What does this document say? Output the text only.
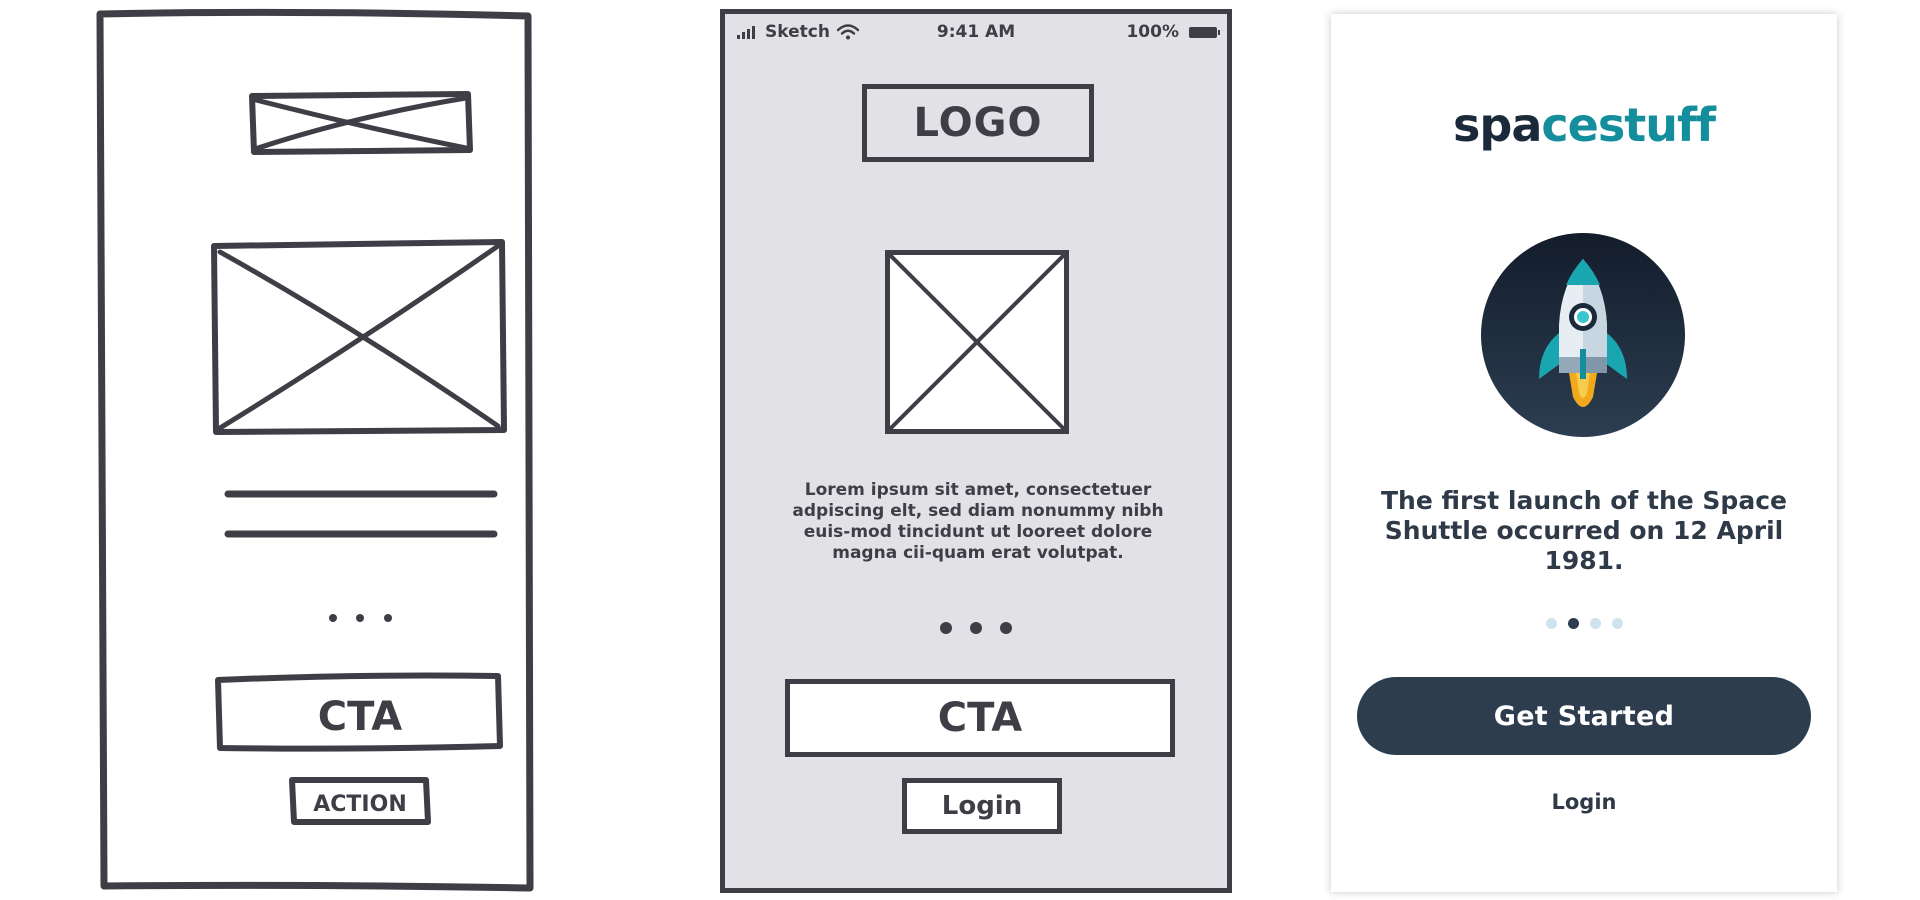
CTA
ACTION
Sketch	9:41 AM	100%
LOGO
Lorem ipsum sit amet, consectetuer adpiscing elt, sed diam nonummy nibh euis-mod tincidunt ut looreet dolore magna cii-quam erat volutpat.
CTA
Login
spacestuff
The first launch of the Space Shuttle occurred on 12 April 1981.
Get Started
Login
